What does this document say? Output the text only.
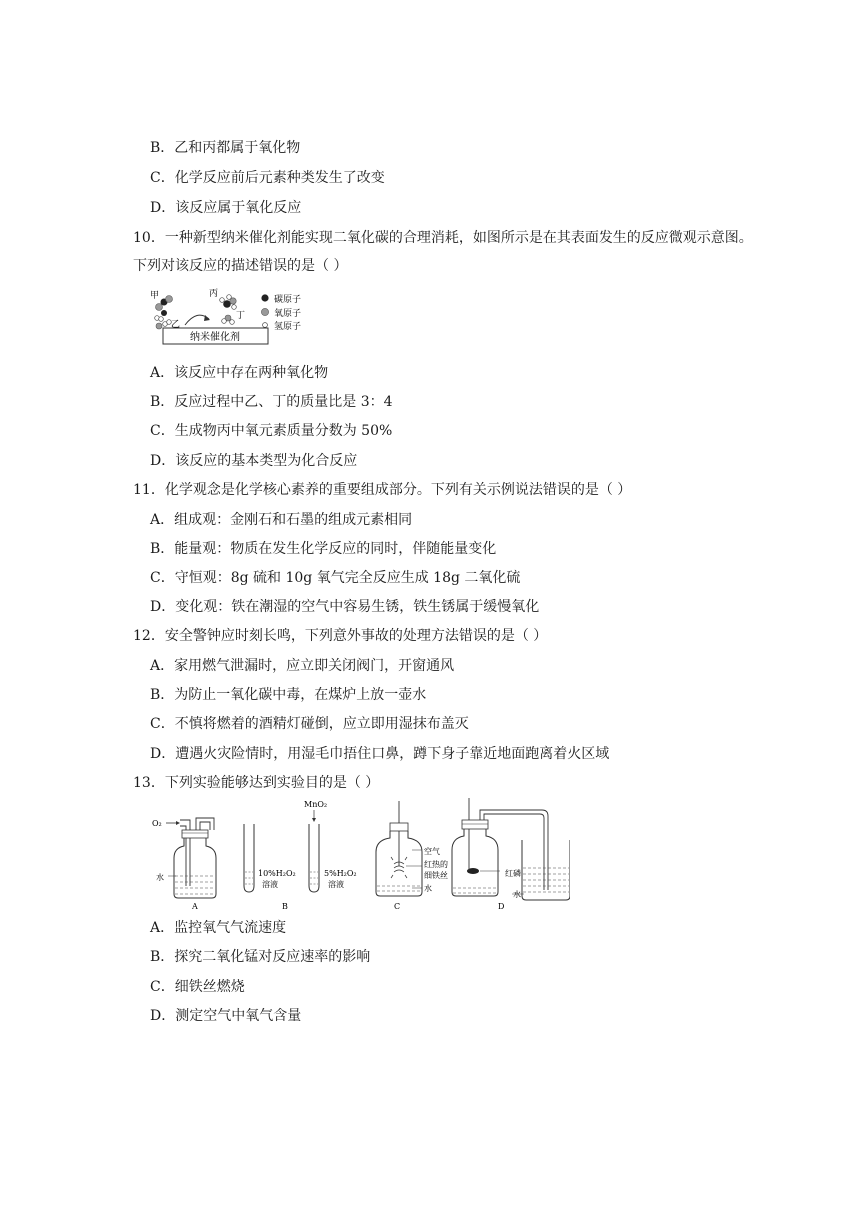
B．乙和丙都属于氧化物
C．化学反应前后元素种类发生了改变
D．该反应属于氧化反应
10．一种新型纳米催化剂能实现二氧化碳的合理消耗，如图所示是在其表面发生的反应微观示意图。
下列对该反应的描述错误的是（ ）
纳米催化剂
甲
乙
丙
丁
碳原子
氧原子
氢原子
A．该反应中存在两种氧化物
B．反应过程中乙、丁的质量比是 3：4
C．生成物丙中氧元素质量分数为 50%
D．该反应的基本类型为化合反应
11．化学观念是化学核心素养的重要组成部分。下列有关示例说法错误的是（ ）
A．组成观：金刚石和石墨的组成元素相同
B．能量观：物质在发生化学反应的同时，伴随能量变化
C．守恒观：8g 硫和 10g 氧气完全反应生成 18g 二氧化硫
D．变化观：铁在潮湿的空气中容易生锈，铁生锈属于缓慢氧化
12．安全警钟应时刻长鸣，下列意外事故的处理方法错误的是（ ）
A．家用燃气泄漏时，应立即关闭阀门，开窗通风
B．为防止一氧化碳中毒，在煤炉上放一壶水
C．不慎将燃着的酒精灯碰倒，应立即用湿抹布盖灭
D．遭遇火灾险情时，用湿毛巾捂住口鼻，蹲下身子靠近地面跑离着火区域
13．下列实验能够达到实验目的是（ ）
O₂
水
A
10%H₂O₂
溶液
B
MnO₂
5%H₂O₂
溶液
空气
红热的
细铁丝
水
C
红磷
水
D
A．监控氧气气流速度
B．探究二氧化锰对反应速率的影响
C．细铁丝燃烧
D．测定空气中氧气含量
